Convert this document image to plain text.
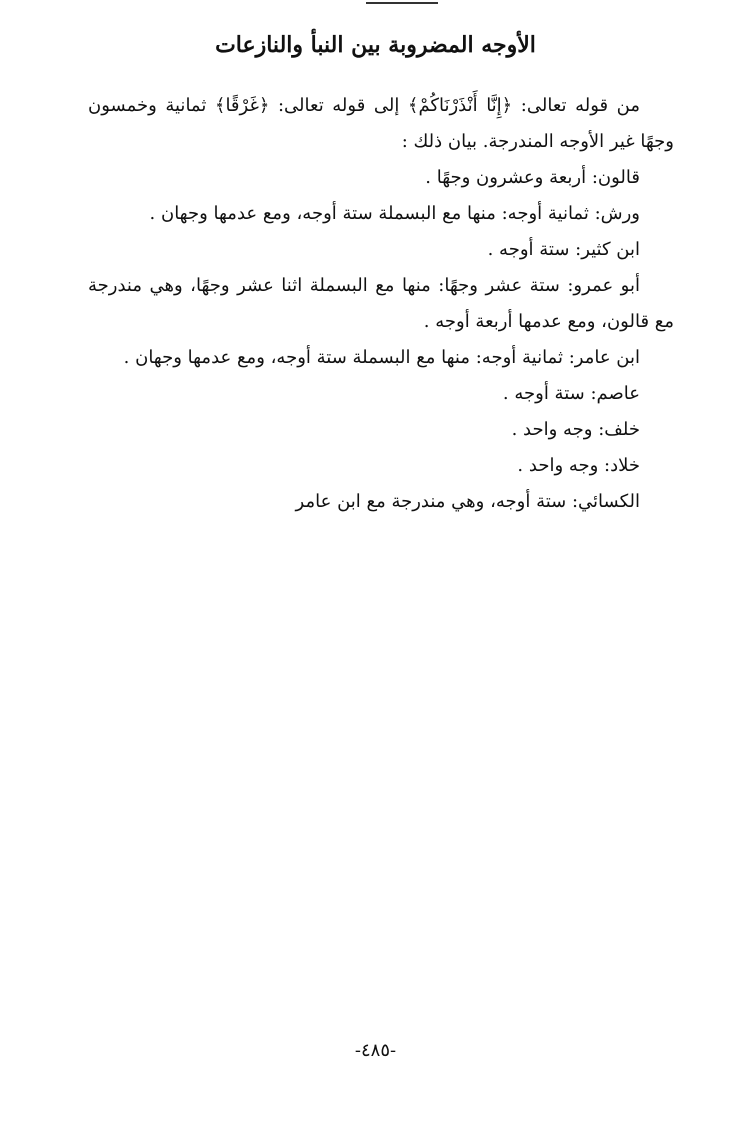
الأوجه المضروبة بين النبأ والنازعات

من قوله تعالى: ﴿إِنَّا أَنْذَرْنَاكُمْ﴾ إلى قوله تعالى: ﴿غَرْقًا﴾ ثمانية وخمسون وجهًا غير الأوجه المندرجة. بيان ذلك :

قالون: أربعة وعشرون وجهًا .

ورش: ثمانية أوجه: منها مع البسملة ستة أوجه، ومع عدمها وجهان .

ابن كثير: ستة أوجه .

أبو عمرو: ستة عشر وجهًا: منها مع البسملة اثنا عشر وجهًا، وهي مندرجة مع قالون، ومع عدمها أربعة أوجه .

ابن عامر: ثمانية أوجه: منها مع البسملة ستة أوجه، ومع عدمها وجهان .

عاصم: ستة أوجه .

خلف: وجه واحد .

خلاد: وجه واحد .

الكسائي: ستة أوجه، وهي مندرجة مع ابن عامر

-٤٨٥-
